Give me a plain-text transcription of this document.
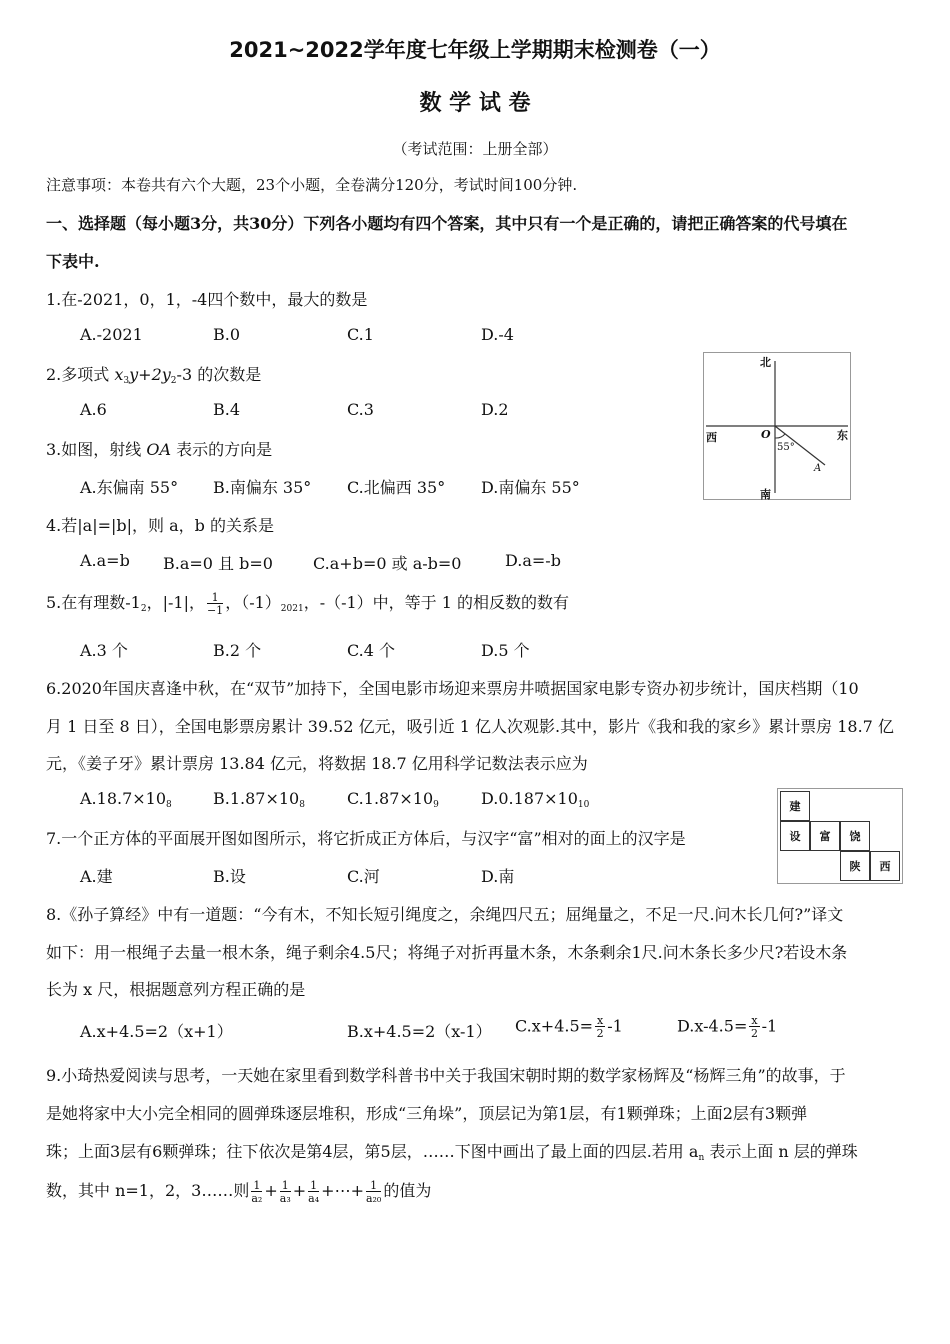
2021~2022学年度七年级上学期期末检测卷（一）
数 学 试 卷
（考试范围：上册全部）
注意事项：本卷共有六个大题，23个小题，全卷满分120分，考试时间100分钟.
一、选择题（每小题3分，共30分）下列各小题均有四个答案，其中只有一个是正确的，请把正确答案的代号填在
下表中.
1.在-2021，0，1，-4四个数中，最大的数是
A.-2021	B.0	C.1	D.-4
2.多项式 $x_3y+2y_2-3$ 的次数是
A.6	B.4	C.3	D.2
北
南
西	东
O
55°
A
3.如图，射线 OA 表示的方向是
A.东偏南 55° B.南偏东 35° C.北偏西 35° D.南偏东 55°
4.若|a|=|b|，则 a，b 的关系是
A.a=b B.a=0 且 b=0	C.a+b=0 或 a-b=0	D.a=-b
5.在有理数$-1_2$，|-1|， $\frac{1}{-1}$ ，$(-1)_{2021}$，-（-1）中，等于 1 的相反数的数有
A.3 个	B.2 个	C.4 个	D.5 个
6.2020年国庆喜逢中秋，在“双节”加持下，全国电影市场迎来票房井喷据国家电影专资办初步统计，国庆档期（10
月 1 日至 8 日），全国电影票房累计 39.52 亿元，吸引近 1 亿人次观影.其中，影片《我和我的家乡》累计票房 18.7 亿
元，《姜子牙》累计票房 13.84 亿元，将数据 18.7 亿用科学记数法表示应为
$A.18.7\times 10_8$	$B.1.87\times 10_8$	$C.1.87\times 10_9$	$D.0.187\times 10_{10}$	建
设	富	饶
陕	西
7.一个正方体的平面展开图如图所示，将它折成正方体后，与汉字“富”相对的面上的汉字是
A.建	B.设	C.河	D.南
8.《孙子算经》中有一道题：“今有木，不知长短引绳度之，余绳四尺五；屈绳量之，不足一尺.问木长几何?”译文
如下：用一根绳子去量一根木条，绳子剩余4.5尺；将绳子对折再量木条，木条剩余1尺.问木条长多少尺?若设木条
长为 x 尺，根据题意列方程正确的是
A.x+4.5=2（x+1）	B.x+4.5=2（x-1） $C.x+4.5= \frac{x}{2} -1$	$D.x-4.5= \frac{x}{2} -1$
9.小琦热爱阅读与思考，一天她在家里看到数学科普书中关于我国宋朝时期的数学家杨辉及“杨辉三角”的故事，于
是她将家中大小完全相同的圆弹珠逐层堆积，形成“三角垛”，顶层记为第1层，有1颗弹珠；上面2层有3颗弹
珠；上面3层有6颗弹珠；往下依次是第4层，第5层，……下图中画出了最上面的四层.若用 $a_n$ 表示上面 n 层的弹珠
数，其中 n=1，2，3……则 $\frac{1}{\text{a₂}} + \frac{1}{\text{a₃}} + \frac{1}{\text{a₄}}$ +⋯+ $\frac{1}{\text{a₂₀}}$ 的值为
